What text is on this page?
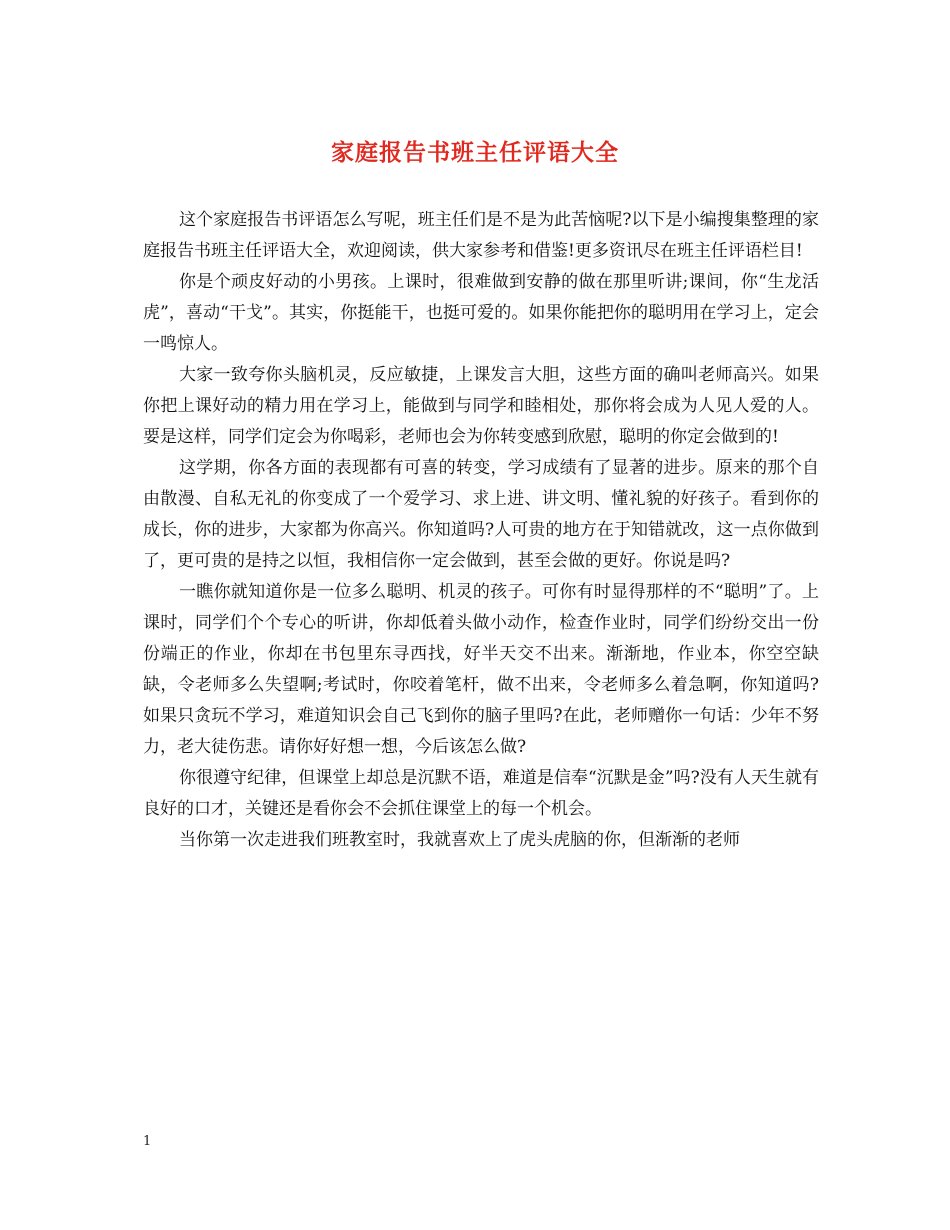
家庭报告书班主任评语大全

这个家庭报告书评语怎么写呢，班主任们是不是为此苦恼呢?以下是小编搜集整理的家庭报告书班主任评语大全，欢迎阅读，供大家参考和借鉴!更多资讯尽在班主任评语栏目!

你是个顽皮好动的小男孩。上课时，很难做到安静的做在那里听讲;课间，你“生龙活虎”，喜动“干戈”。其实，你挺能干，也挺可爱的。如果你能把你的聪明用在学习上，定会一鸣惊人。

大家一致夸你头脑机灵，反应敏捷，上课发言大胆，这些方面的确叫老师高兴。如果你把上课好动的精力用在学习上，能做到与同学和睦相处，那你将会成为人见人爱的人。要是这样，同学们定会为你喝彩，老师也会为你转变感到欣慰，聪明的你定会做到的!

这学期，你各方面的表现都有可喜的转变，学习成绩有了显著的进步。原来的那个自由散漫、自私无礼的你变成了一个爱学习、求上进、讲文明、懂礼貌的好孩子。看到你的成长，你的进步，大家都为你高兴。你知道吗?人可贵的地方在于知错就改，这一点你做到了，更可贵的是持之以恒，我相信你一定会做到，甚至会做的更好。你说是吗?

一瞧你就知道你是一位多么聪明、机灵的孩子。可你有时显得那样的不“聪明”了。上课时，同学们个个专心的听讲，你却低着头做小动作，检查作业时，同学们纷纷交出一份份端正的作业，你却在书包里东寻西找，好半天交不出来。渐渐地，作业本，你空空缺缺，令老师多么失望啊;考试时，你咬着笔杆，做不出来，令老师多么着急啊，你知道吗?如果只贪玩不学习，难道知识会自己飞到你的脑子里吗?在此，老师赠你一句话：少年不努力，老大徒伤悲。请你好好想一想，今后该怎么做?

你很遵守纪律，但课堂上却总是沉默不语，难道是信奉“沉默是金”吗?没有人天生就有良好的口才，关键还是看你会不会抓住课堂上的每一个机会。

当你第一次走进我们班教室时，我就喜欢上了虎头虎脑的你，但渐渐的老师

1
